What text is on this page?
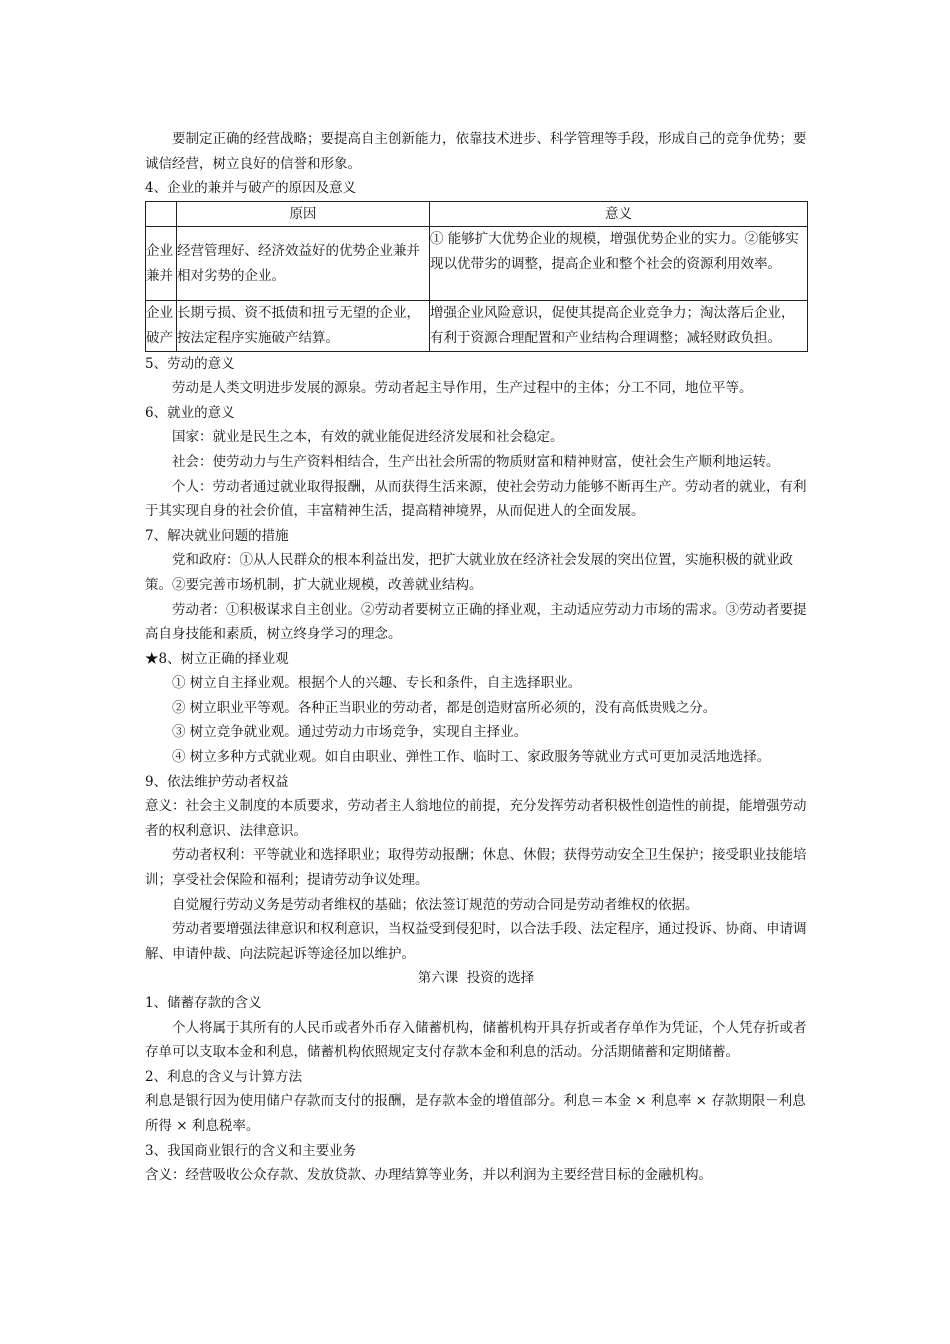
要制定正确的经营战略；要提高自主创新能力，依靠技术进步、科学管理等手段，形成自己的竞争优势；要诚信经营，树立良好的信誉和形象。

4、企业的兼并与破产的原因及意义

	原因	意义
企业兼并	经营管理好、经济效益好的优势企业兼并相对劣势的企业。	① 能够扩大优势企业的规模，增强优势企业的实力。②能够实现以优带劣的调整，提高企业和整个社会的资源利用效率。
企业破产	长期亏损、资不抵债和扭亏无望的企业，按法定程序实施破产结算。	增强企业风险意识，促使其提高企业竞争力；淘汰落后企业，有利于资源合理配置和产业结构合理调整；减轻财政负担。

5、劳动的意义

劳动是人类文明进步发展的源泉。劳动者起主导作用，生产过程中的主体；分工不同，地位平等。

6、就业的意义

国家：就业是民生之本，有效的就业能促进经济发展和社会稳定。

社会：使劳动力与生产资料相结合，生产出社会所需的物质财富和精神财富，使社会生产顺利地运转。

个人：劳动者通过就业取得报酬，从而获得生活来源，使社会劳动力能够不断再生产。劳动者的就业，有利于其实现自身的社会价值，丰富精神生活，提高精神境界，从而促进人的全面发展。

7、解决就业问题的措施

党和政府：①从人民群众的根本利益出发，把扩大就业放在经济社会发展的突出位置，实施积极的就业政策。②要完善市场机制，扩大就业规模，改善就业结构。

劳动者：①积极谋求自主创业。②劳动者要树立正确的择业观，主动适应劳动力市场的需求。③劳动者要提高自身技能和素质，树立终身学习的理念。

★8、树立正确的择业观

① 树立自主择业观。根据个人的兴趣、专长和条件，自主选择职业。

② 树立职业平等观。各种正当职业的劳动者，都是创造财富所必须的，没有高低贵贱之分。

③ 树立竞争就业观。通过劳动力市场竞争，实现自主择业。

④ 树立多种方式就业观。如自由职业、弹性工作、临时工、家政服务等就业方式可更加灵活地选择。

9、依法维护劳动者权益

意义：社会主义制度的本质要求，劳动者主人翁地位的前提，充分发挥劳动者积极性创造性的前提，能增强劳动者的权利意识、法律意识。

劳动者权利：平等就业和选择职业；取得劳动报酬；休息、休假；获得劳动安全卫生保护；接受职业技能培训；享受社会保险和福利；提请劳动争议处理。

自觉履行劳动义务是劳动者维权的基础；依法签订规范的劳动合同是劳动者维权的依据。

劳动者要增强法律意识和权利意识，当权益受到侵犯时，以合法手段、法定程序，通过投诉、协商、申请调解、申请仲裁、向法院起诉等途径加以维护。

第六课  投资的选择

1、储蓄存款的含义

个人将属于其所有的人民币或者外币存入储蓄机构，储蓄机构开具存折或者存单作为凭证，个人凭存折或者存单可以支取本金和利息，储蓄机构依照规定支付存款本金和利息的活动。分活期储蓄和定期储蓄。

2、利息的含义与计算方法

利息是银行因为使用储户存款而支付的报酬，是存款本金的增值部分。利息＝本金 × 利息率 × 存款期限－利息所得 × 利息税率。

3、我国商业银行的含义和主要业务

含义：经营吸收公众存款、发放贷款、办理结算等业务，并以利润为主要经营目标的金融机构。
